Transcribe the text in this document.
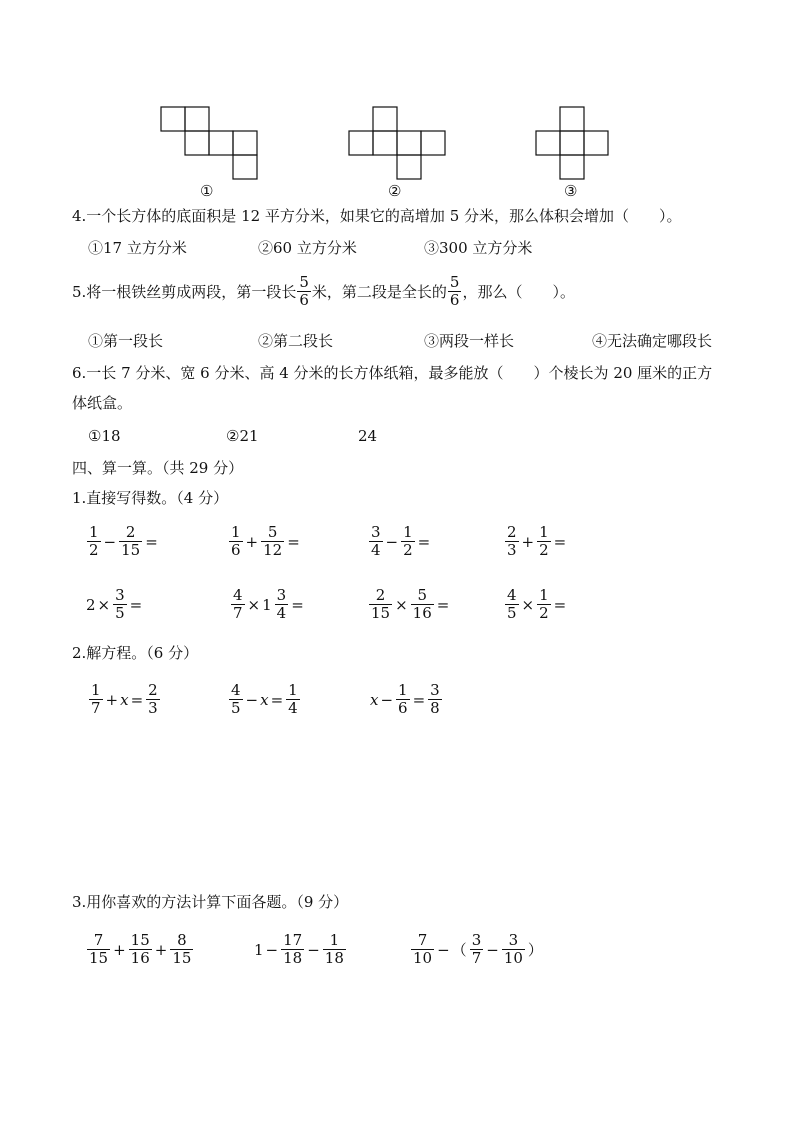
①	②	③
4.一个长方体的底面积是 12 平方分米，如果它的高增加 5 分米，那么体积会增加（　　）。
①17 立方分米	②60 立方分米	③300 立方分米
5.将一根铁丝剪成两段，第一段长 $\frac{5}{6}$ 米，第二段是全长的 $\frac{5}{6}$ ，那么（　　）。
①第一段长	②第二段长	③两段一样长	④无法确定哪段长
6.一长 7 分米、宽 6 分米、高 4 分米的长方体纸箱，最多能放（　　）个棱长为 20 厘米的正方
体纸盒。
①18	②21	24
四、算一算。（共 29 分）
1.直接写得数。（4 分）
$\frac{1}{2} - \frac{2}{15}$ =	$\frac{1}{6} + \frac{5}{12}$ =	$\frac{3}{4} - \frac{1}{2}$ =	$\frac{2}{3} + \frac{1}{2}$ =
$2 \times \frac{3}{5}$ =	$\frac{4}{7} \times 1 \frac{3}{4}$ =	$\frac{2}{15} \times \frac{5}{16}$ =	$\frac{4}{5} \times \frac{1}{2}$ =
2.解方程。（6 分）
$\frac{1}{7} + x = \frac{2}{3}$	$\frac{4}{5} - x = \frac{1}{4}$	$x - \frac{1}{6} = \frac{3}{8}$
3.用你喜欢的方法计算下面各题。（9 分）
$\frac{7}{15} + \frac{15}{16} + \frac{8}{15}$	$1 - \frac{17}{18} - \frac{1}{18}$	$\frac{7}{10}$ − （ $\frac{3}{7} - \frac{3}{10}$ ）
